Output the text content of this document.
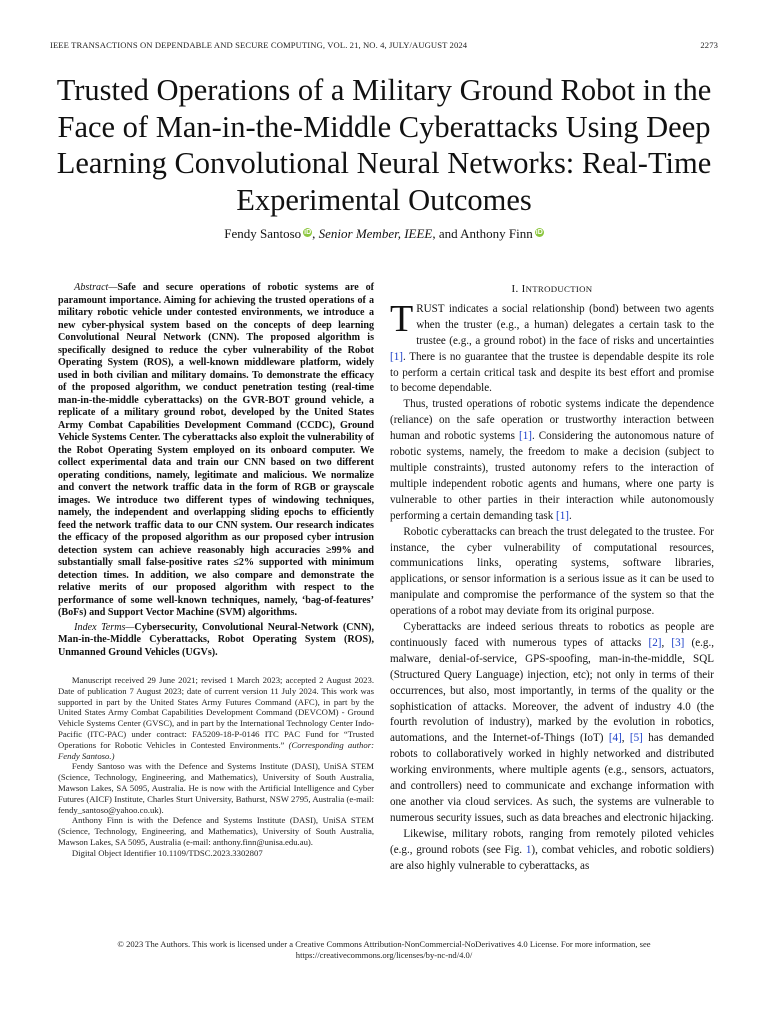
IEEE TRANSACTIONS ON DEPENDABLE AND SECURE COMPUTING, VOL. 21, NO. 4, JULY/AUGUST 2024	2273
Trusted Operations of a Military Ground Robot in the Face of Man-in-the-Middle Cyberattacks Using Deep Learning Convolutional Neural Networks: Real-Time Experimental Outcomes
Fendy Santoso iD, Senior Member, IEEE, and Anthony Finn iD

Abstract—Safe and secure operations of robotic systems are of paramount importance. Aiming for achieving the trusted operations of a military robotic vehicle under contested environments, we introduce a new cyber-physical system based on the concepts of deep learning Convolutional Neural Network (CNN). The proposed algorithm is specifically designed to reduce the cyber vulnerability of the Robot Operating System (ROS), a well-known middleware platform, widely used in both civilian and military domains. To demonstrate the efficacy of the proposed algorithm, we conduct penetration testing (real-time man-in-the-middle cyberattacks) on the GVR-BOT ground vehicle, a replicate of a military ground robot, developed by the United States Army Combat Capabilities Development Command (CCDC), Ground Vehicle Systems Center. The cyberattacks also exploit the vulnerability of the Robot Operating System employed on its onboard computer. We collect experimental data and train our CNN based on two different operating conditions, namely, legitimate and malicious. We normalize and convert the network traffic data in the form of RGB or grayscale images. We introduce two different types of windowing techniques, namely, the independent and overlapping sliding epochs to efficiently feed the network traffic data to our CNN system. Our research indicates the efficacy of the proposed algorithm as our proposed cyber intrusion detection system can achieve reasonably high accuracies ≥99% and substantially small false-positive rates ≤2% supported with minimum detection times. In addition, we also compare and demonstrate the relative merits of our proposed algorithm with respect to the performance of some well-known techniques, namely, ‘bag-of-features’ (BoFs) and Support Vector Machine (SVM) algorithms.

Index Terms—Cybersecurity, Convolutional Neural-Network (CNN), Man-in-the-Middle Cyberattacks, Robot Operating System (ROS), Unmanned Ground Vehicles (UGVs).

Manuscript received 29 June 2021; revised 1 March 2023; accepted 2 August 2023. Date of publication 7 August 2023; date of current version 11 July 2024. This work was supported in part by the United States Army Futures Command (AFC), in part by the United States Army Combat Capabilities Development Command (DEVCOM) - Ground Vehicle Systems Center (GVSC), and in part by the International Technology Center Indo-Pacific (ITC-PAC) under contract: FA5209-18-P-0146 ITC PAC Fund for “Trusted Operations for Robotic Vehicles in Contested Environments.” (Corresponding author: Fendy Santoso.)

Fendy Santoso was with the Defence and Systems Institute (DASI), UniSA STEM (Science, Technology, Engineering, and Mathematics), University of South Australia, Mawson Lakes, SA 5095, Australia. He is now with the Artificial Intelligence and Cyber Futures (AICF) Institute, Charles Sturt University, Bathurst, NSW 2795, Australia (e-mail: fendy_santoso@yahoo.co.uk).

Anthony Finn is with the Defence and Systems Institute (DASI), UniSA STEM (Science, Technology, Engineering, and Mathematics), University of South Australia, Mawson Lakes, SA 5095, Australia (e-mail: anthony.finn@unisa.edu.au).

Digital Object Identifier 10.1109/TDSC.2023.3302807

I. INTRODUCTION

TRUST indicates a social relationship (bond) between two agents when the truster (e.g., a human) delegates a certain task to the trustee (e.g., a ground robot) in the face of risks and uncertainties [1]. There is no guarantee that the trustee is dependable despite its role to perform a certain critical task and despite its best effort and promise to become dependable.

Thus, trusted operations of robotic systems indicate the dependence (reliance) on the safe operation or trustworthy interaction between human and robotic systems [1]. Considering the autonomous nature of robotic systems, namely, the freedom to make a decision (subject to multiple constraints), trusted autonomy refers to the interaction of multiple independent robotic agents and humans, where one party is vulnerable to other parties in their interaction while autonomously performing a certain demanding task [1].

Robotic cyberattacks can breach the trust delegated to the trustee. For instance, the cyber vulnerability of computational resources, communications links, operating systems, software libraries, applications, or sensor information is a serious issue as it can be used to manipulate and compromise the performance of the system so that the operations of a robot may deviate from its original purpose.

Cyberattacks are indeed serious threats to robotics as people are continuously faced with numerous types of attacks [2], [3] (e.g., malware, denial-of-service, GPS-spoofing, man-in-the-middle, SQL (Structured Query Language) injection, etc); not only in terms of their occurrences, but also, most importantly, in terms of the quality or the sophistication of attacks. Moreover, the advent of industry 4.0 (the fourth revolution of industry), marked by the evolution in robotics, automations, and the Internet-of-Things (IoT) [4], [5] has demanded robots to collaboratively worked in highly networked and distributed working environments, where multiple agents (e.g., sensors, actuators, and controllers) need to communicate and exchange information with one another via cloud services. As such, the systems are vulnerable to numerous security issues, such as data breaches and electronic hijacking.

Likewise, military robots, ranging from remotely piloted vehicles (e.g., ground robots (see Fig. 1), combat vehicles, and robotic soldiers) are also highly vulnerable to cyberattacks, as

© 2023 The Authors. This work is licensed under a Creative Commons Attribution-NonCommercial-NoDerivatives 4.0 License. For more information, see
https://creativecommons.org/licenses/by-nc-nd/4.0/
